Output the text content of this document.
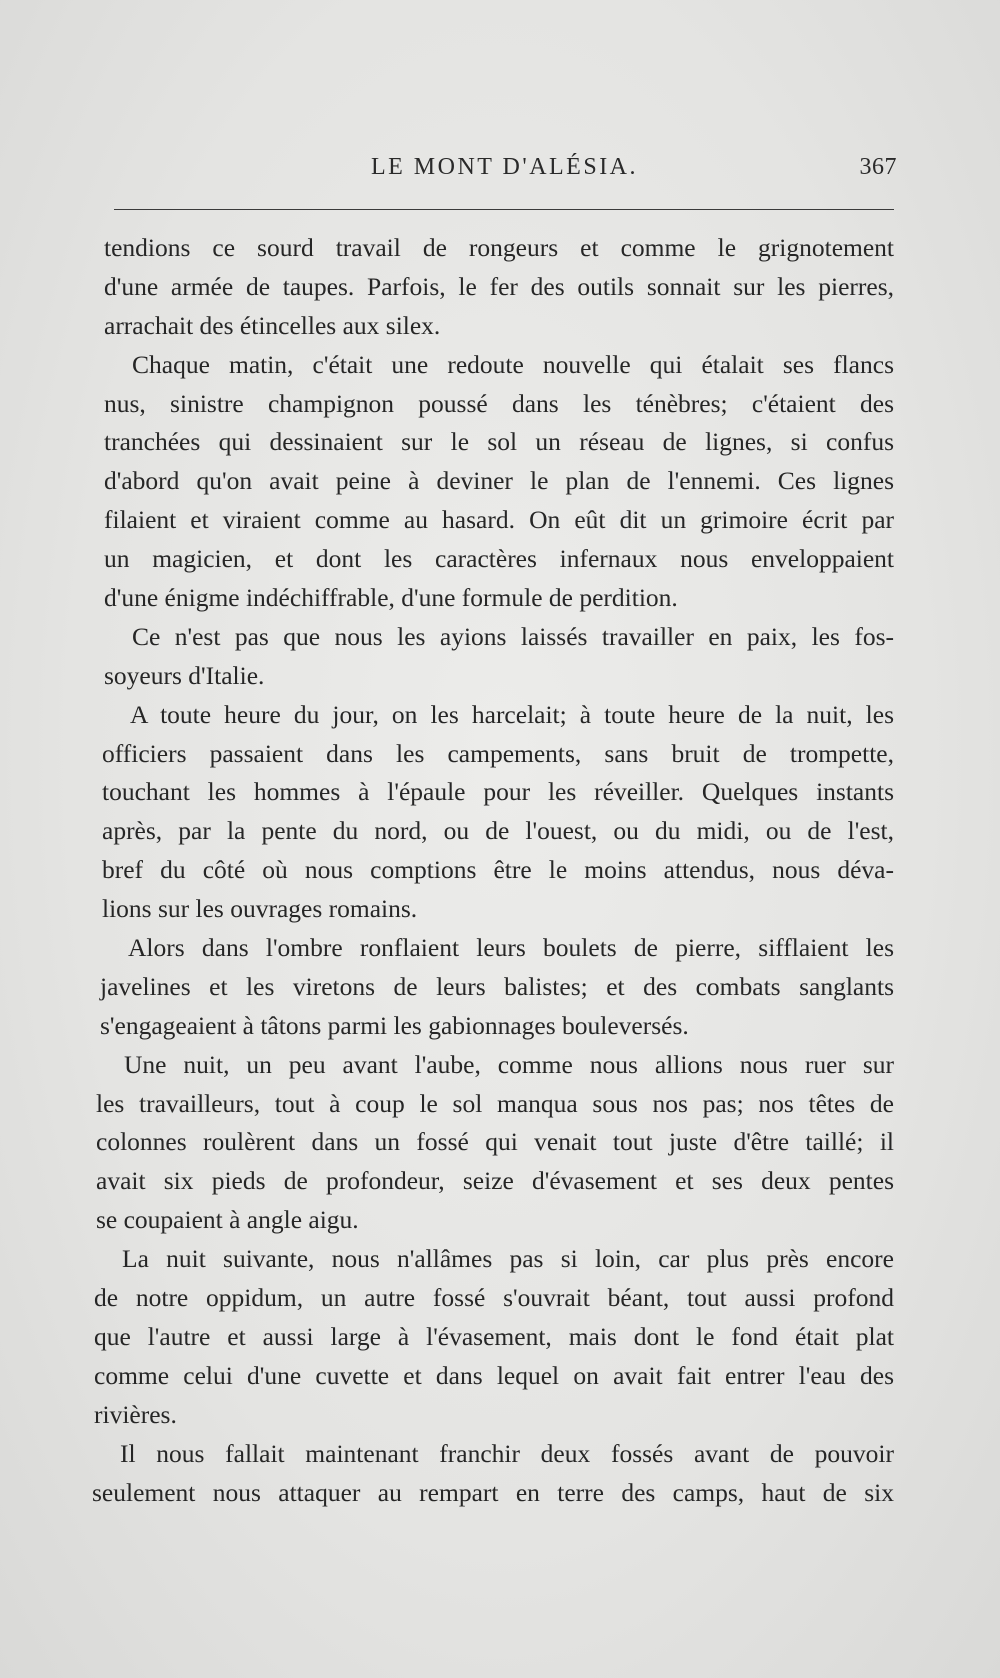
LE MONT D'ALÉSIA.	367
tendions ce sourd travail de rongeurs et comme le grignotement
d'une armée de taupes. Parfois, le fer des outils sonnait sur les pierres,
arrachait des étincelles aux silex.
Chaque matin, c'était une redoute nouvelle qui étalait ses flancs
nus, sinistre champignon poussé dans les ténèbres; c'étaient des
tranchées qui dessinaient sur le sol un réseau de lignes, si confus
d'abord qu'on avait peine à deviner le plan de l'ennemi. Ces lignes
filaient et viraient comme au hasard. On eût dit un grimoire écrit par
un magicien, et dont les caractères infernaux nous enveloppaient
d'une énigme indéchiffrable, d'une formule de perdition.
Ce n'est pas que nous les ayions laissés travailler en paix, les fos-
soyeurs d'Italie.
A toute heure du jour, on les harcelait; à toute heure de la nuit, les
officiers passaient dans les campements, sans bruit de trompette,
touchant les hommes à l'épaule pour les réveiller. Quelques instants
après, par la pente du nord, ou de l'ouest, ou du midi, ou de l'est,
bref du côté où nous comptions être le moins attendus, nous déva-
lions sur les ouvrages romains.
Alors dans l'ombre ronflaient leurs boulets de pierre, sifflaient les
javelines et les viretons de leurs balistes; et des combats sanglants
s'engageaient à tâtons parmi les gabionnages bouleversés.
Une nuit, un peu avant l'aube, comme nous allions nous ruer sur
les travailleurs, tout à coup le sol manqua sous nos pas; nos têtes de
colonnes roulèrent dans un fossé qui venait tout juste d'être taillé; il
avait six pieds de profondeur, seize d'évasement et ses deux pentes
se coupaient à angle aigu.
La nuit suivante, nous n'allâmes pas si loin, car plus près encore
de notre oppidum, un autre fossé s'ouvrait béant, tout aussi profond
que l'autre et aussi large à l'évasement, mais dont le fond était plat
comme celui d'une cuvette et dans lequel on avait fait entrer l'eau des
rivières.
Il nous fallait maintenant franchir deux fossés avant de pouvoir
seulement nous attaquer au rempart en terre des camps, haut de six
